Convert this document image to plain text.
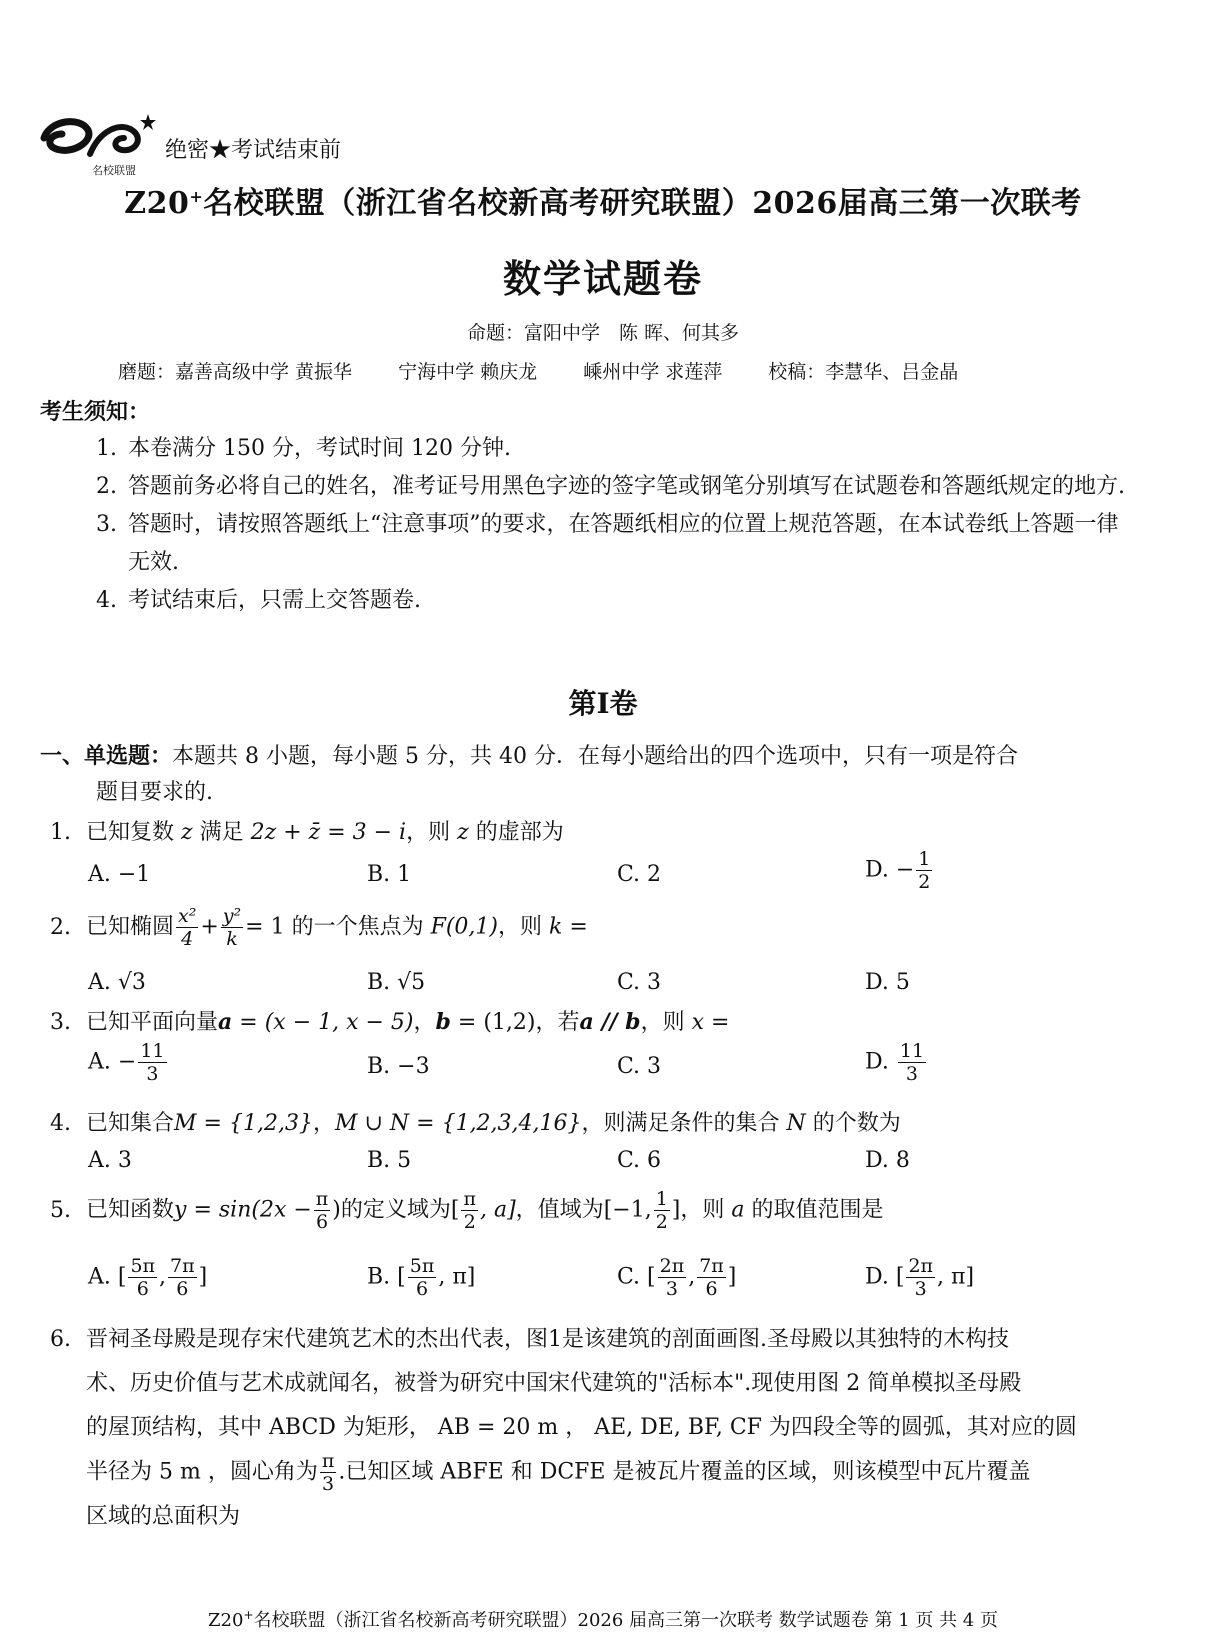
名校联盟
绝密★考试结束前
Z20+名校联盟（浙江省名校新高考研究联盟）2026届高三第一次联考
数学试题卷
命题：富阳中学　陈 晖、何其多
磨题：嘉善高级中学 黄振华 宁海中学 赖庆龙 嵊州中学 求莲萍 校稿：李慧华、吕金晶
考生须知：
1. 本卷满分 150 分，考试时间 120 分钟.
2. 答题前务必将自己的姓名，准考证号用黑色字迹的签字笔或钢笔分别填写在试题卷和答题纸规定的地方.
3. 答题时，请按照答题纸上“注意事项”的要求，在答题纸相应的位置上规范答题，在本试卷纸上答题一律无效.
4. 考试结束后，只需上交答题卷.
第Ⅰ卷
一、单选题：本题共 8 小题，每小题 5 分，共 40 分．在每小题给出的四个选项中，只有一项是符合
题目要求的.
1. 已知复数 z 满足 2z + z̄ = 3 − i，则 z 的虚部为
A. −1	B. 1	C. 2	D. − $\frac{1}{2}$
2. 已知椭圆 $\frac{\text{x²}}{4} + \frac{\text{y²}}{k} = 1$ 的一个焦点为 F(0,1)，则 k =
A. √3	B. √5	C. 3	D. 5
3. 已知平面向量a = (x − 1, x − 5)，b = (1,2)，若a // b，则 x =
A. − $\frac{11}{3}$	B. −3	C. 3	D. $\frac{11}{3}$
4. 已知集合M = {1,2,3}，M ∪ N = {1,2,3,4,16}，则满足条件的集合 N 的个数为
A. 3	B. 5	C. 6	D. 8
5. 已知函数$y = \sin(2x - \frac{\pi}{6}$ )的定义域为[ $\frac{\pi}{2}$ , a]，值域为[−1, $\frac{1}{2}$ ]，则 a 的取值范围是
A. [ $\frac{5\pi}{6}$ , $\frac{7\pi}{6}$ ]	B. [ $\frac{5\pi}{6}$ , π]	C. [ $\frac{2\pi}{3}$ , $\frac{7\pi}{6}$ ]	D. [ $\frac{2\pi}{3}$ , π]
6. 晋祠圣母殿是现存宋代建筑艺术的杰出代表，图1是该建筑的剖面画图.圣母殿以其独特的木构技
术、历史价值与艺术成就闻名，被誉为研究中国宋代建筑的"活标本".现使用图 2 简单模拟圣母殿
的屋顶结构，其中 ABCD 为矩形， AB = 20 m ， AE, DE, BF, CF 为四段全等的圆弧，其对应的圆
半径为 5 m ，圆心角为 $\frac{\pi}{3}$ .已知区域 ABFE 和 DCFE 是被瓦片覆盖的区域，则该模型中瓦片覆盖
区域的总面积为
Z20+名校联盟（浙江省名校新高考研究联盟）2026 届高三第一次联考 数学试题卷 第 1 页 共 4 页
